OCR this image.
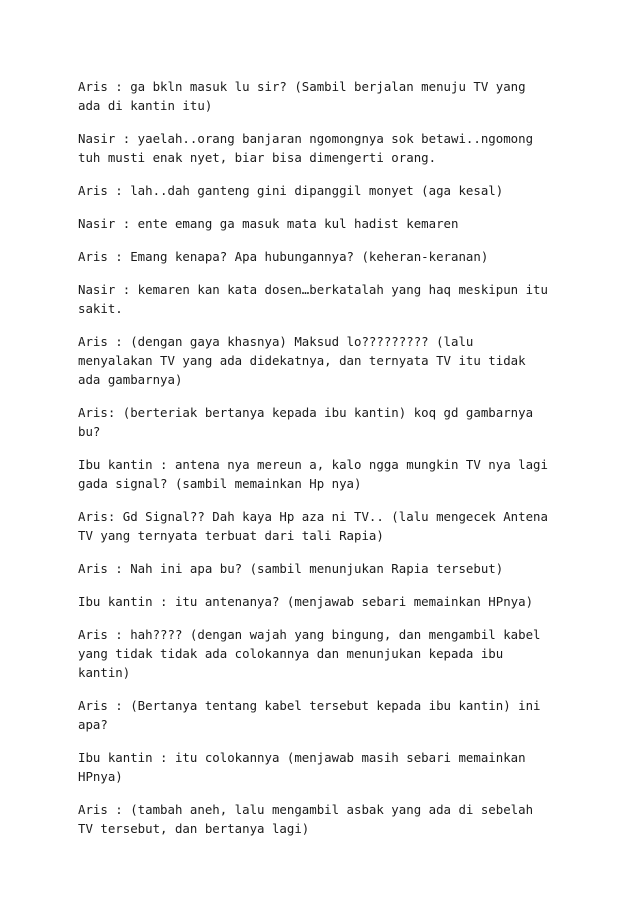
Aris : ga bkln masuk lu sir? (Sambil berjalan menuju TV yang
ada di kantin itu)

Nasir : yaelah..orang banjaran ngomongnya sok betawi..ngomong
tuh musti enak nyet, biar bisa dimengerti orang.

Aris : lah..dah ganteng gini dipanggil monyet (aga kesal)

Nasir : ente emang ga masuk mata kul hadist kemaren

Aris : Emang kenapa? Apa hubungannya? (keheran-keranan)

Nasir : kemaren kan kata dosen…berkatalah yang haq meskipun itu
sakit.

Aris : (dengan gaya khasnya) Maksud lo????????? (lalu
menyalakan TV yang ada didekatnya, dan ternyata TV itu tidak
ada gambarnya)

Aris: (berteriak bertanya kepada ibu kantin) koq gd gambarnya
bu?

Ibu kantin : antena nya mereun a, kalo ngga mungkin TV nya lagi
gada signal? (sambil memainkan Hp nya)

Aris: Gd Signal?? Dah kaya Hp aza ni TV.. (lalu mengecek Antena
TV yang ternyata terbuat dari tali Rapia)

Aris : Nah ini apa bu? (sambil menunjukan Rapia tersebut)

Ibu kantin : itu antenanya? (menjawab sebari memainkan HPnya)

Aris : hah???? (dengan wajah yang bingung, dan mengambil kabel
yang tidak tidak ada colokannya dan menunjukan kepada ibu
kantin)

Aris : (Bertanya tentang kabel tersebut kepada ibu kantin) ini
apa?

Ibu kantin : itu colokannya (menjawab masih sebari memainkan
HPnya)

Aris : (tambah aneh, lalu mengambil asbak yang ada di sebelah
TV tersebut, dan bertanya lagi)
